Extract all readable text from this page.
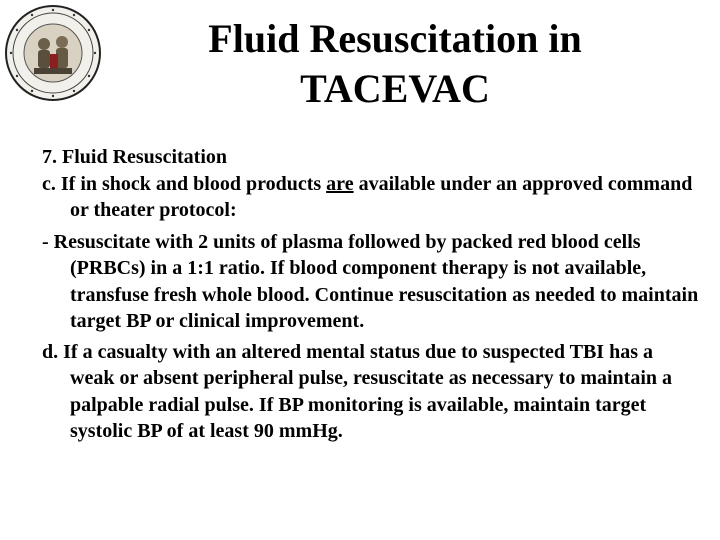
Fluid Resuscitation in
TACEVAC

7. Fluid Resuscitation

c. If in shock and blood products are available under an approved command or theater protocol:

- Resuscitate with 2 units of plasma followed by packed red blood cells (PRBCs) in a 1:1 ratio. If blood component therapy is not available, transfuse fresh whole blood. Continue resuscitation as needed to maintain target BP or clinical improvement.

d. If a casualty with an altered mental status due to suspected TBI has a weak or absent peripheral pulse, resuscitate as necessary to maintain a palpable radial pulse. If BP monitoring is available, maintain target systolic BP of at least 90 mmHg.
